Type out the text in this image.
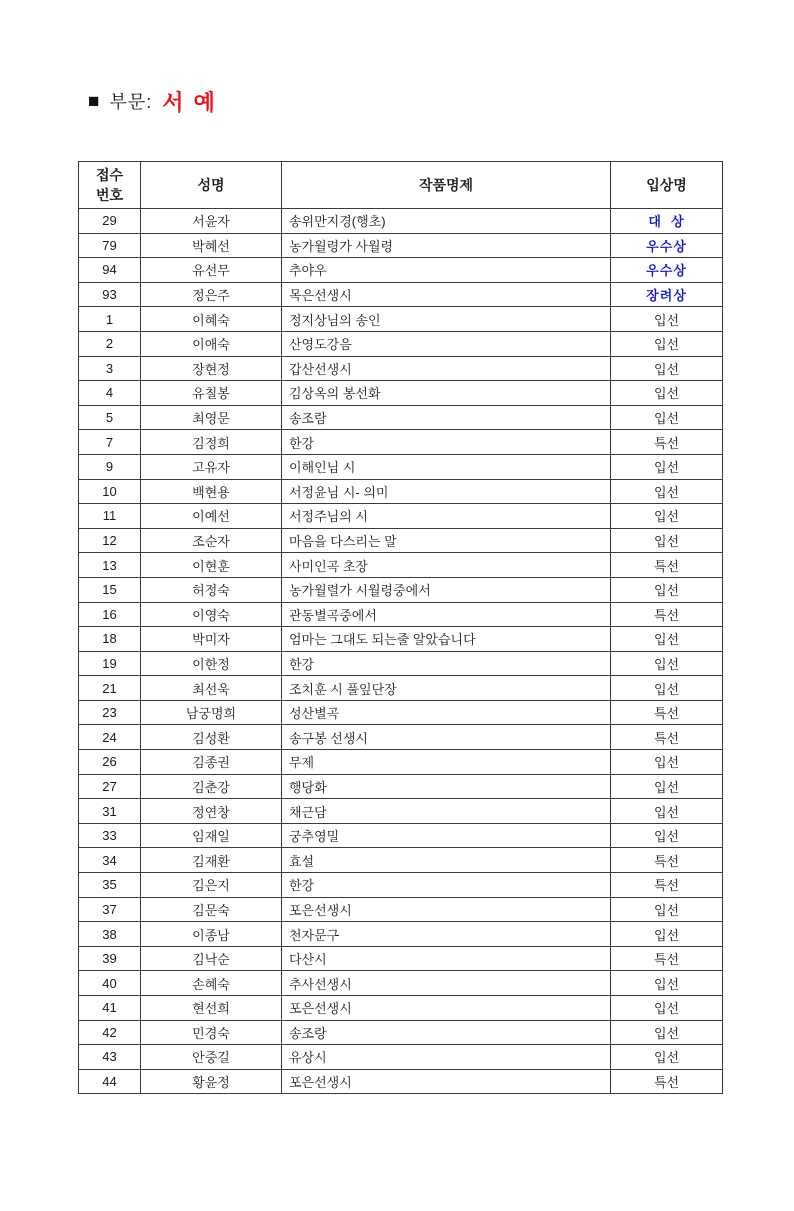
■ 부문: 서 예
접수
번호	성명	작품명제	입상명
29	서윤자	송위만지경(행초)	대  상
79	박혜선	농가월령가 사월령	우수상
94	유선무	추야우	우수상
93	정은주	목은선생시	장려상
1	이혜숙	정지상님의 송인	입선
2	이애숙	산영도강음	입선
3	장현정	갑산선생시	입선
4	유칠봉	김상옥의 봉선화	입선
5	최영문	송조람	입선
7	김정희	한강	특선
9	고유자	이해인님 시	입선
10	백현용	서정윤님 시- 의미	입선
11	이예선	서정주님의 시	입선
12	조순자	마음을 다스리는 말	입선
13	이현훈	사미인곡 초장	특선
15	허정숙	농가월렬가 시월령중에서	입선
16	이영숙	관동별곡중에서	특선
18	박미자	엄마는 그대도 되는줄 알았습니다	입선
19	이한정	한강	입선
21	최선욱	조치훈 시 풀잎단장	입선
23	남궁명희	성산별곡	특선
24	김성환	송구봉 선생시	특선
26	김종권	무제	입선
27	김춘강	행당화	입선
31	정연창	채근담	입선
33	임재일	궁추영밀	입선
34	김재환	효설	특선
35	김은지	한강	특선
37	김문숙	포은선생시	입선
38	이종남	천자문구	입선
39	김낙순	다산시	특선
40	손혜숙	추사선생시	입선
41	현선희	포은선생시	입선
42	민경숙	송조랑	입선
43	안중길	유상시	입선
44	황윤정	포은선생시	특선
